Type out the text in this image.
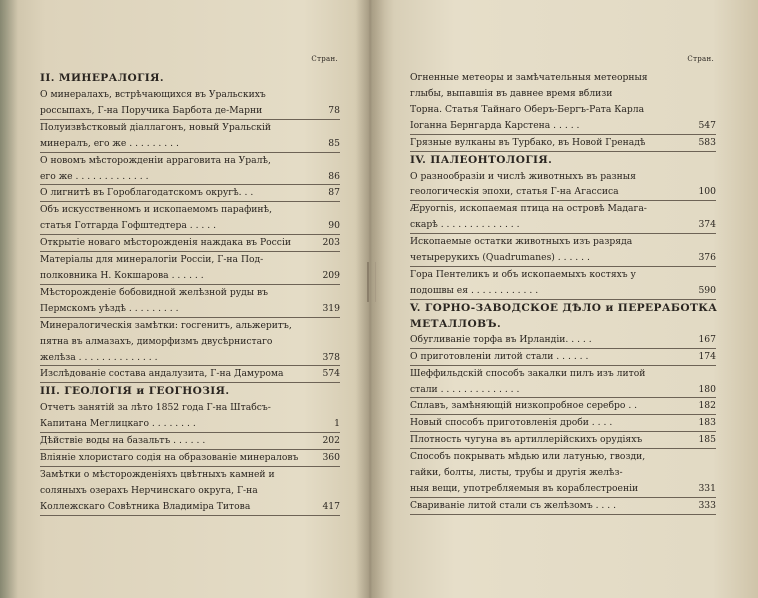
Стран.
II. МИНЕРАЛОГIЯ.
О минералахъ, встрѣчающихся въ Уральскихъ
россыпахъ, Г-на Поручика Барбота де-Марни	78
Полуизвѣстковый дiаллагонъ, новый Уральскiй
минералъ, его же . . . . . . . . .	85
О новомъ мѣсторожденiи арраговита на Уралѣ,
его же . . . . . . . . . . . . .	86
О лигнитѣ въ Гороблагодатскомъ округѣ. . .	87
Объ искусственномъ и ископаемомъ парафинѣ,
статья Готгарда Гофштедтера . . . . .	90
Открытiе новаго мѣсторожденiя наждака въ Россiи	203
Матерiалы для минералогiи Россiи, Г-на Под-
полковника Н. Кокшарова . . . . . .	209
Мѣсторожденiе бобовидной желѣзной руды въ
Пермскомъ уѣздѣ . . . . . . . . .	319
Минералогическiя замѣтки: госгенитъ, альжеритъ,
пятна въ алмазахъ, диморфизмъ двусѣрнистаго
желѣза . . . . . . . . . . . . . .	378
Изслѣдованiе состава андалузита, Г-на Дамурома	574
III. ГЕОЛОГIЯ и ГЕОГНОЗIЯ.
Отчетъ занятiй за лѣто 1852 года Г-на Штабсъ-
Капитана Меглицкаго . . . . . . . .	1
Дѣйствiе воды на базальтъ . . . . . .	202
Влiянiе хлористаго содiя на образованiе минераловъ	360
Замѣтки о мѣсторожденiяхъ цвѣтныхъ камней и
соляныхъ озерахъ Нерчинскаго округа, Г-на
Коллежскаго Совѣтника Владимiра Титова	417
Стран.
Огненные метеоры и замѣчательныя метеорныя
глыбы, выпавшiя въ давнее время вблизи
Торна. Статья Тайнаго Оберъ-Бергъ-Рата Карла
Iоганна Бернгарда Карстена . . . . .	547
Грязные вулканы въ Турбако, въ Новой Гренадѣ	583
IV. ПАЛЕОНТОЛОГIЯ.
О разнообразiи и числѣ животныхъ въ разныя
геологическiя эпохи, статья Г-на Агассиса	100
Æpyornis, ископаемая птица на островѣ Мадага-
скарѣ . . . . . . . . . . . . . .	374
Ископаемые остатки животныхъ изъ разряда
четырерукихъ (Quadrumanes) . . . . . .	376
Гора Пентеликъ и объ ископаемыхъ костяхъ у
подошвы ея . . . . . . . . . . . .	590
V. ГОРНО-ЗАВОДСКОЕ ДѢЛО и ПЕРЕРАБОТКА
МЕТАЛЛОВЪ.
Обугливанiе торфа въ Ирландiи. . . . .	167
О приготовленiи литой стали . . . . . .	174
Шеффильдскiй способъ закалки пилъ изъ литой
стали . . . . . . . . . . . . . .	180
Сплавъ, замѣняющiй низкопробное серебро . .	182
Новый способъ приготовленiя дроби . . . .	183
Плотность чугуна въ артиллерiйскихъ орудiяхъ	185
Способъ покрывать мѣдью или латунью, гвозди,
гайки, болты, листы, трубы и другiя желѣз-
ныя вещи, употребляемыя въ кораблестроенiи	331
Свариванiе литой стали съ желѣзомъ . . . .	333
